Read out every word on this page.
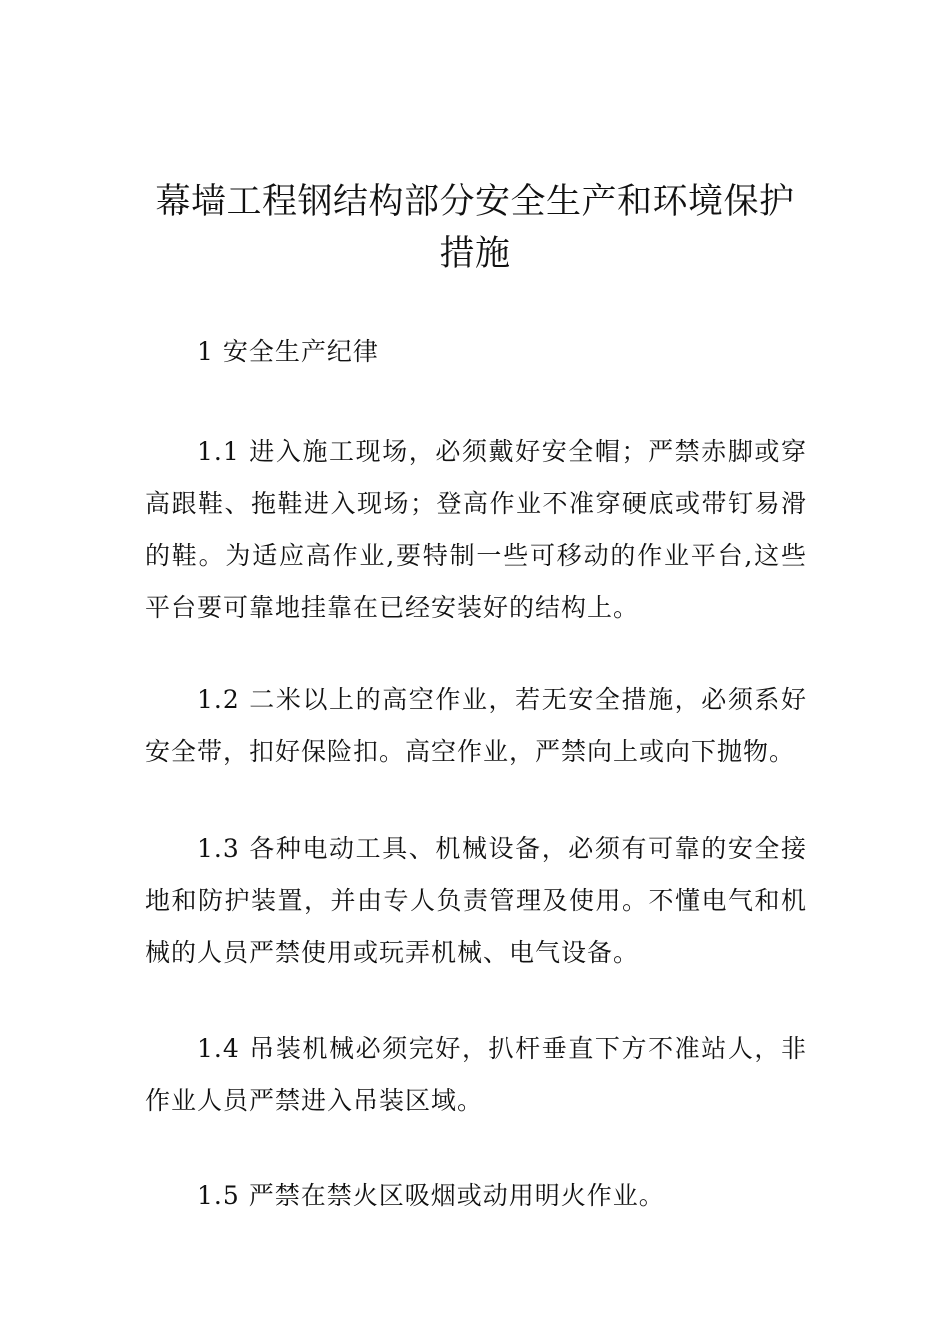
幕墙工程钢结构部分安全生产和环境保护措施

1 安全生产纪律

1.1 进入施工现场，必须戴好安全帽；严禁赤脚或穿高跟鞋、拖鞋进入现场；登高作业不准穿硬底或带钉易滑的鞋。为适应高作业,要特制一些可移动的作业平台,这些平台要可靠地挂靠在已经安装好的结构上。

1.2 二米以上的高空作业，若无安全措施，必须系好安全带，扣好保险扣。高空作业，严禁向上或向下抛物。

1.3 各种电动工具、机械设备，必须有可靠的安全接地和防护装置，并由专人负责管理及使用。不懂电气和机械的人员严禁使用或玩弄机械、电气设备。

1.4 吊装机械必须完好，扒杆垂直下方不准站人，非作业人员严禁进入吊装区域。

1.5 严禁在禁火区吸烟或动用明火作业。
